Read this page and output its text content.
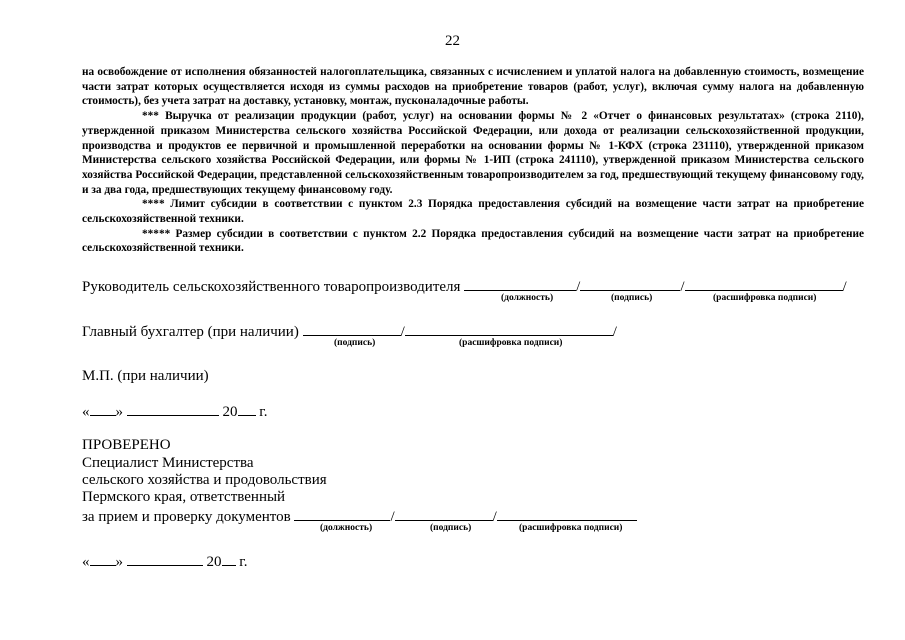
22

на освобождение от исполнения обязанностей налогоплательщика, связанных с исчислением и уплатой налога на добавленную стоимость, возмещение части затрат которых осуществляется исходя из суммы расходов на приобретение товаров (работ, услуг), включая сумму налога на добавленную стоимость), без учета затрат на доставку, установку, монтаж, пусконаладочные работы.

*** Выручка от реализации продукции (работ, услуг) на основании формы № 2 «Отчет о финансовых результатах» (строка 2110), утвержденной приказом Министерства сельского хозяйства Российской Федерации, или дохода от реализации сельскохозяйственной продукции, производства и продуктов ее первичной и промышленной переработки на основании формы № 1-КФХ (строка 231110), утвержденной приказом Министерства сельского хозяйства Российской Федерации, или формы № 1-ИП (строка 241110), утвержденной приказом Министерства сельского хозяйства Российской Федерации, представленной сельскохозяйственным товаропроизводителем за год, предшествующий текущему финансовому году, и за два года, предшествующих текущему финансовому году.

**** Лимит субсидии в соответствии с пунктом 2.3 Порядка предоставления субсидий на возмещение части затрат на приобретение сельскохозяйственной техники.

***** Размер субсидии в соответствии с пунктом 2.2 Порядка предоставления субсидий на возмещение части затрат на приобретение сельскохозяйственной техники.

Руководитель сельскохозяйственного товаропроизводителя	/	/	/
(должность)	(подпись)	(расшифровка подписи)
Главный бухгалтер (при наличии)	/	/
(подпись)	(расшифровка подписи)
М.П. (при наличии)
« »	20 г.
ПРОВЕРЕНО
Специалист Министерства
сельского хозяйства и продовольствия
Пермского края, ответственный
за прием и проверку документов	/	/
(должность)	(подпись)	(расшифровка подписи)
« »	20 г.
